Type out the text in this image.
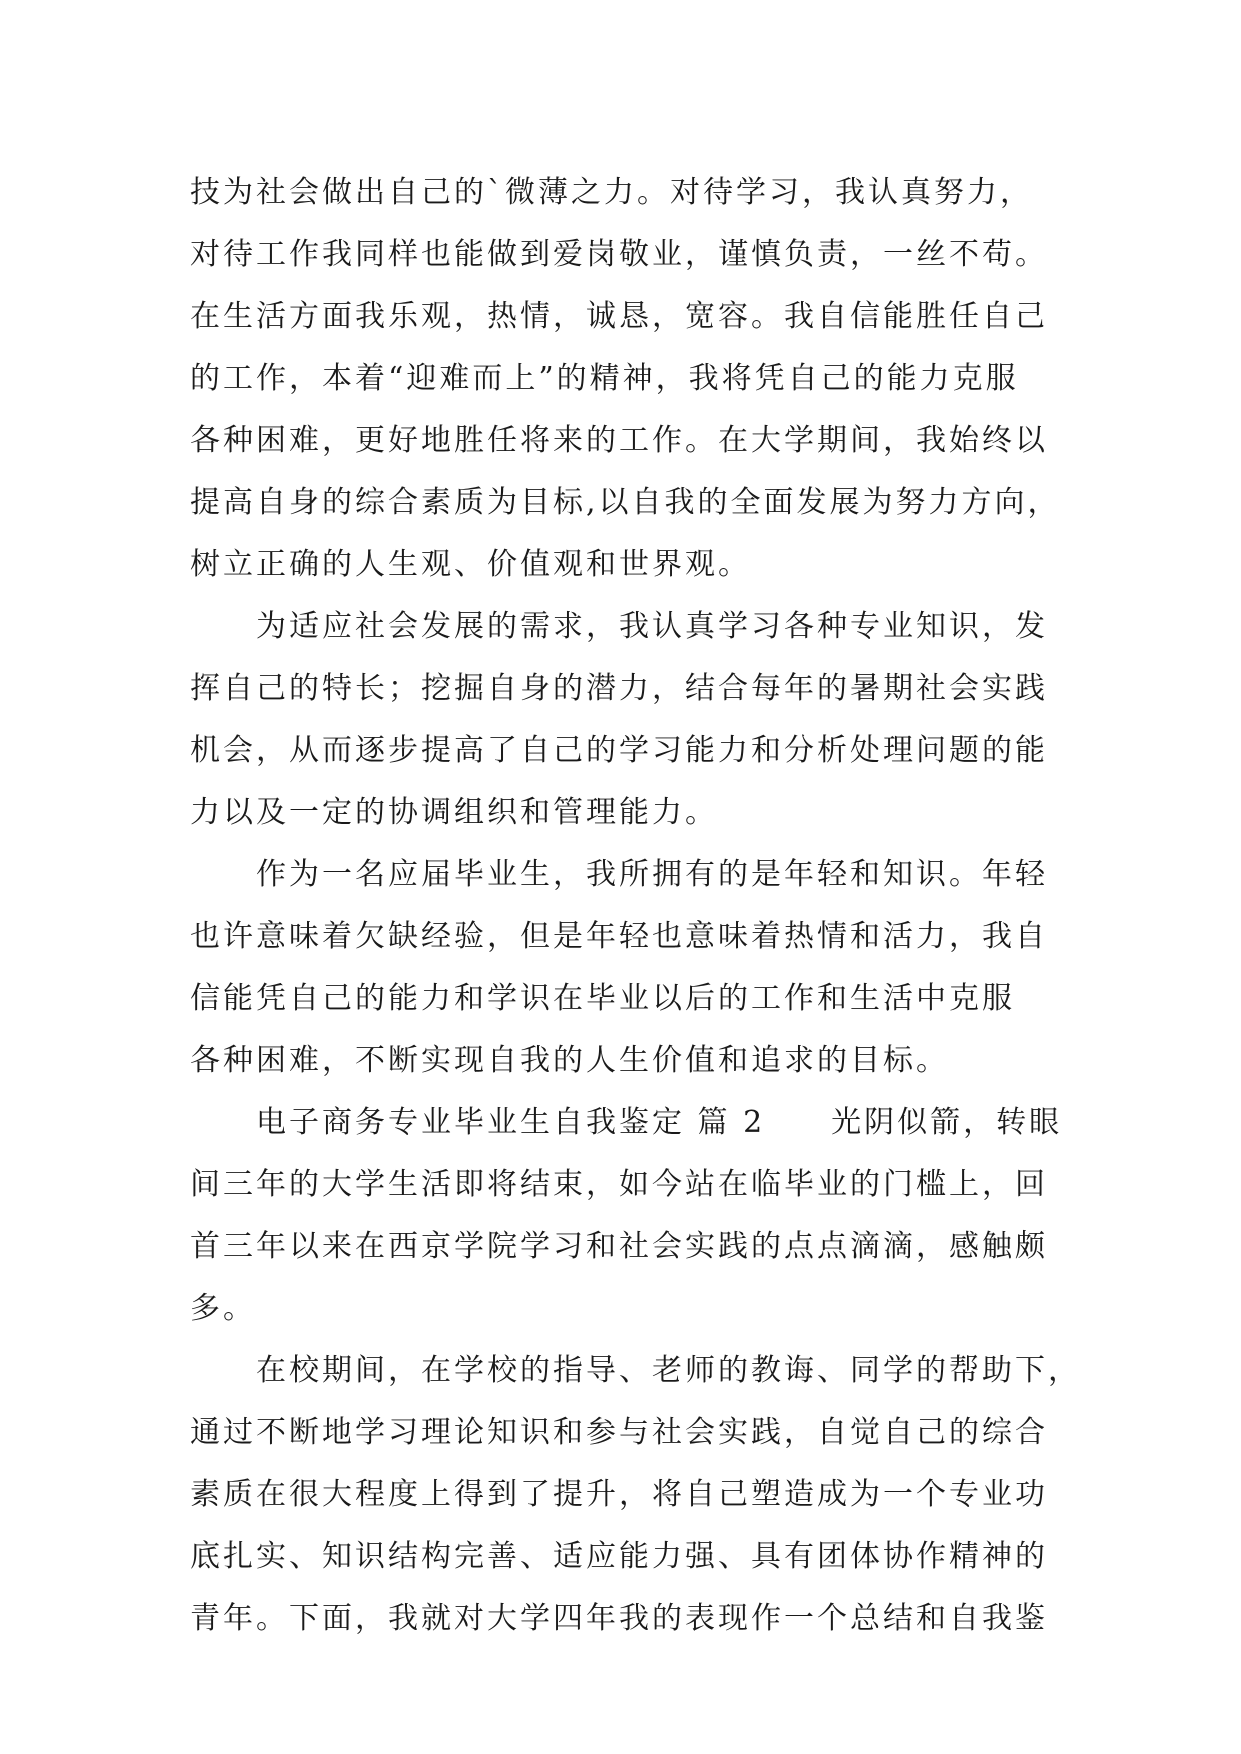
技为社会做出自己的`微薄之力。对待学习，我认真努力，
对待工作我同样也能做到爱岗敬业，谨慎负责，一丝不苟。
在生活方面我乐观，热情，诚恳，宽容。我自信能胜任自己
的工作，本着“迎难而上”的精神，我将凭自己的能力克服
各种困难，更好地胜任将来的工作。在大学期间，我始终以
提高自身的综合素质为目标,以自我的全面发展为努力方向，
树立正确的人生观、价值观和世界观。
　　为适应社会发展的需求，我认真学习各种专业知识，发
挥自己的特长；挖掘自身的潜力，结合每年的暑期社会实践
机会，从而逐步提高了自己的学习能力和分析处理问题的能
力以及一定的协调组织和管理能力。
　　作为一名应届毕业生，我所拥有的是年轻和知识。年轻
也许意味着欠缺经验，但是年轻也意味着热情和活力，我自
信能凭自己的能力和学识在毕业以后的工作和生活中克服
各种困难，不断实现自我的人生价值和追求的目标。
　　电子商务专业毕业生自我鉴定 篇 2　　光阴似箭，转眼
间三年的大学生活即将结束，如今站在临毕业的门槛上，回
首三年以来在西京学院学习和社会实践的点点滴滴，感触颇
多。
　　在校期间，在学校的指导、老师的教诲、同学的帮助下，
通过不断地学习理论知识和参与社会实践，自觉自己的综合
素质在很大程度上得到了提升，将自己塑造成为一个专业功
底扎实、知识结构完善、适应能力强、具有团体协作精神的
青年。下面，我就对大学四年我的表现作一个总结和自我鉴
